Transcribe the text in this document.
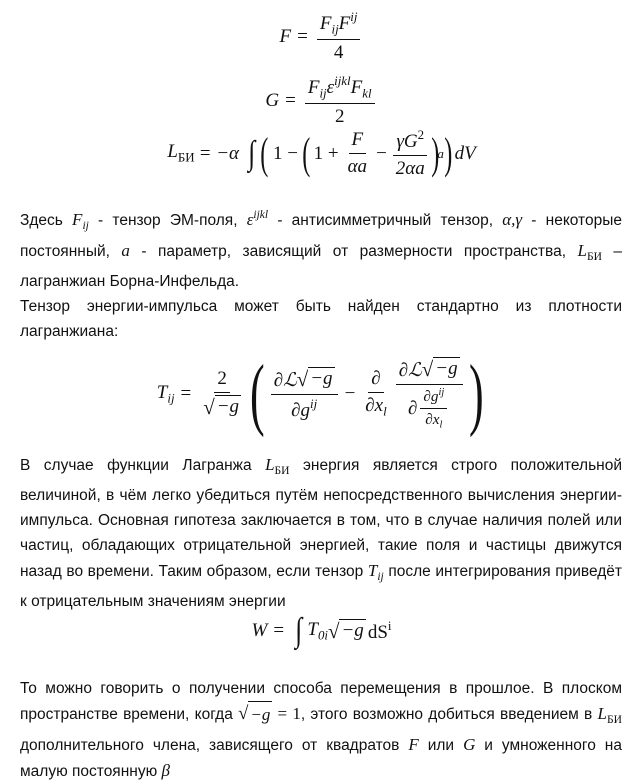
$F = \frac{F_{ij}F^{ij}}{4}$
$G = \frac{F_{ij}\varepsilon^{ijkl}F_{kl}}{2}$
$L_{БИ} = -\alpha$ ∫ ( 1 − ( $1 + \frac{F}{\alpha a} - \frac{\gamma G^2}{2\alpha a}$ )
a ) dV
Здесь $F_{ij}$ - тензор ЭМ-поля, $\varepsilon^{ijkl}$ - антисимметричный тензор, α,γ - некоторые постоянный, a - параметр, зависящий от размерности пространства, $L_{БИ}$ – лагранжиан Борна-Инфельда.
Тензор энергии-импульса может быть найден стандартно из плотности лагранжиана:
$T_{ij} = \frac{2}{√ -g}$ ( $\frac{\text{∂ℒ √ −g}}{\partial g^{ij}} - \frac{\partial}{\partial x_l} \frac{\text{∂ℒ √ −g}}{\partial \frac{\partial g^{ij}}{\partial x_l}}$ )
В случае функции Лагранжа $L_{БИ}$ энергия является строго положительной величиной, в чём легко убедиться путём непосредственного вычисления энергии-импульса. Основная гипотеза заключается в том, что в случае наличия полей или частиц, обладающих отрицательной энергией, такие поля и частицы движутся назад во времени. Таким образом, если тензор $T_{ij}$ после интегрирования приведёт к отрицательным значениям энергии
W = ∫ $T_{0i}$ √ −g $dS^i$
То можно говорить о получении способа перемещения в прошлое. В плоском пространстве времени, когда √ −g = 1, этого возможно добиться введением в $L_{БИ}$ дополнительного члена, зависящего от квадратов F или G и умноженного на малую постоянную β
